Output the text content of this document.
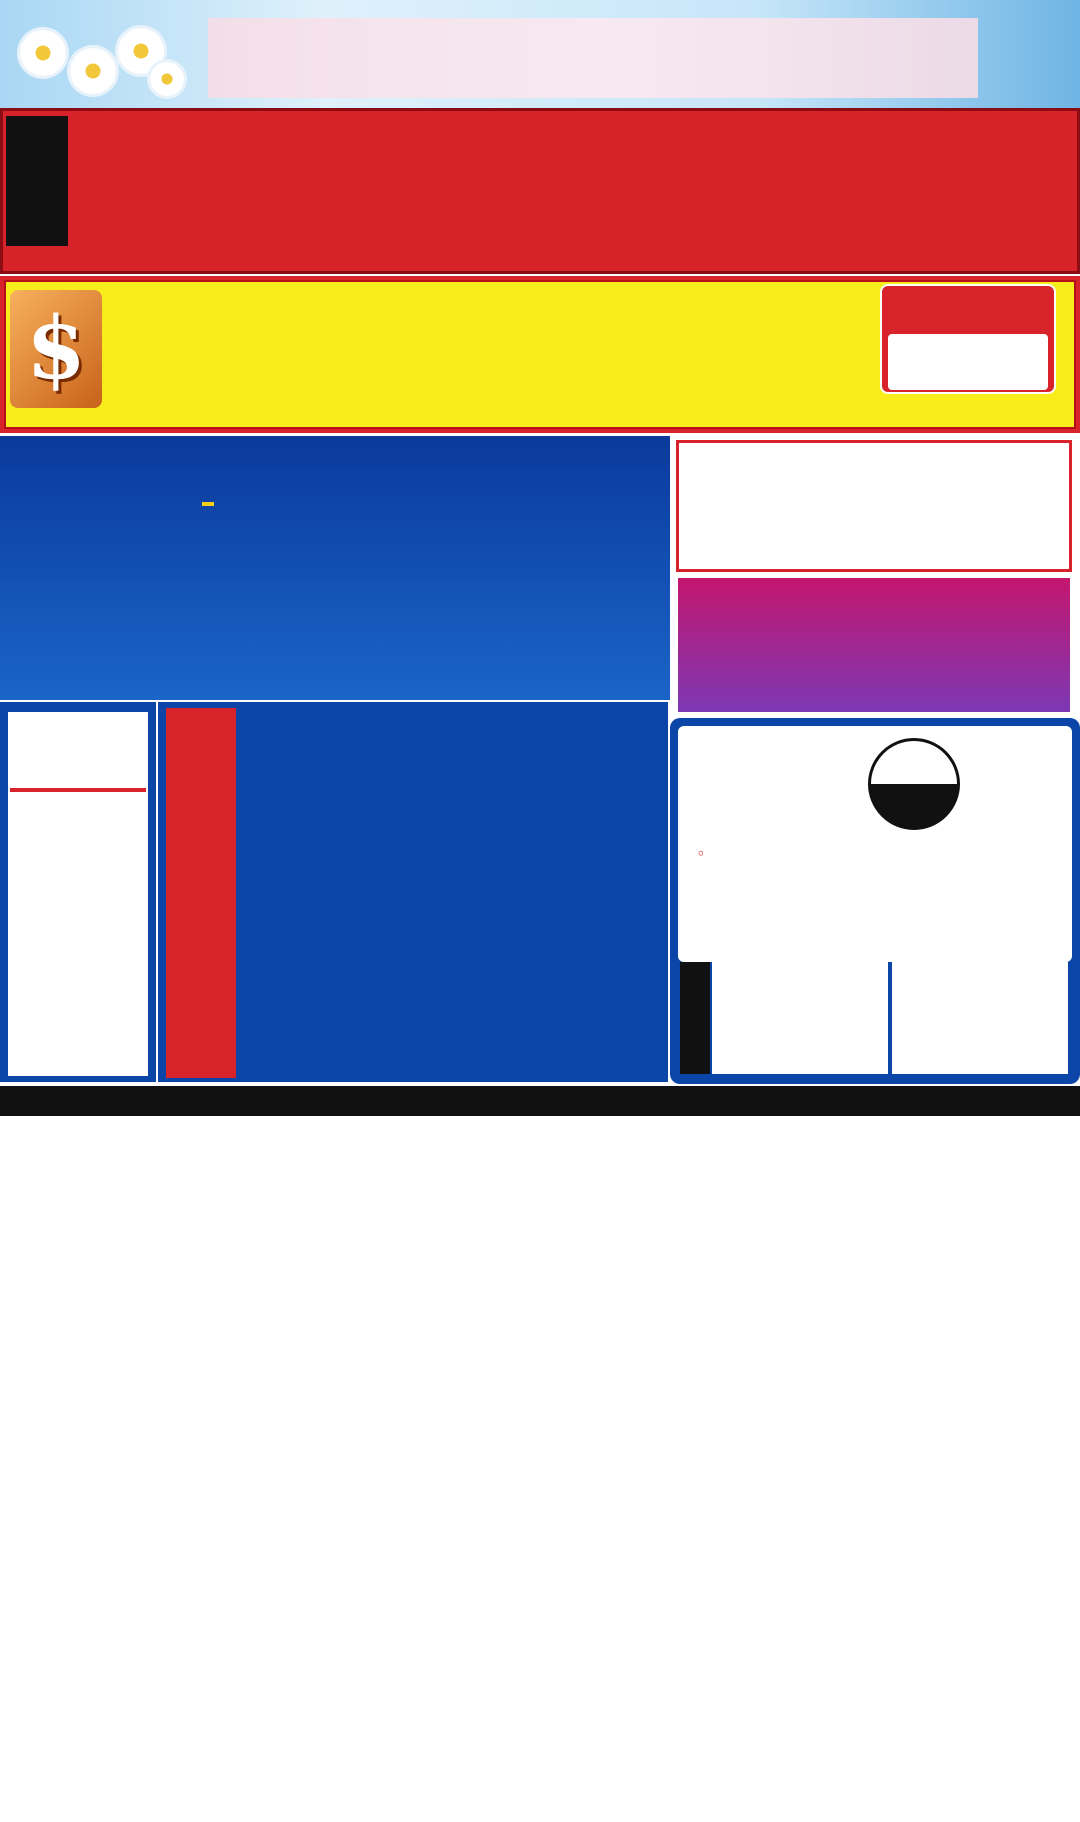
$
。
